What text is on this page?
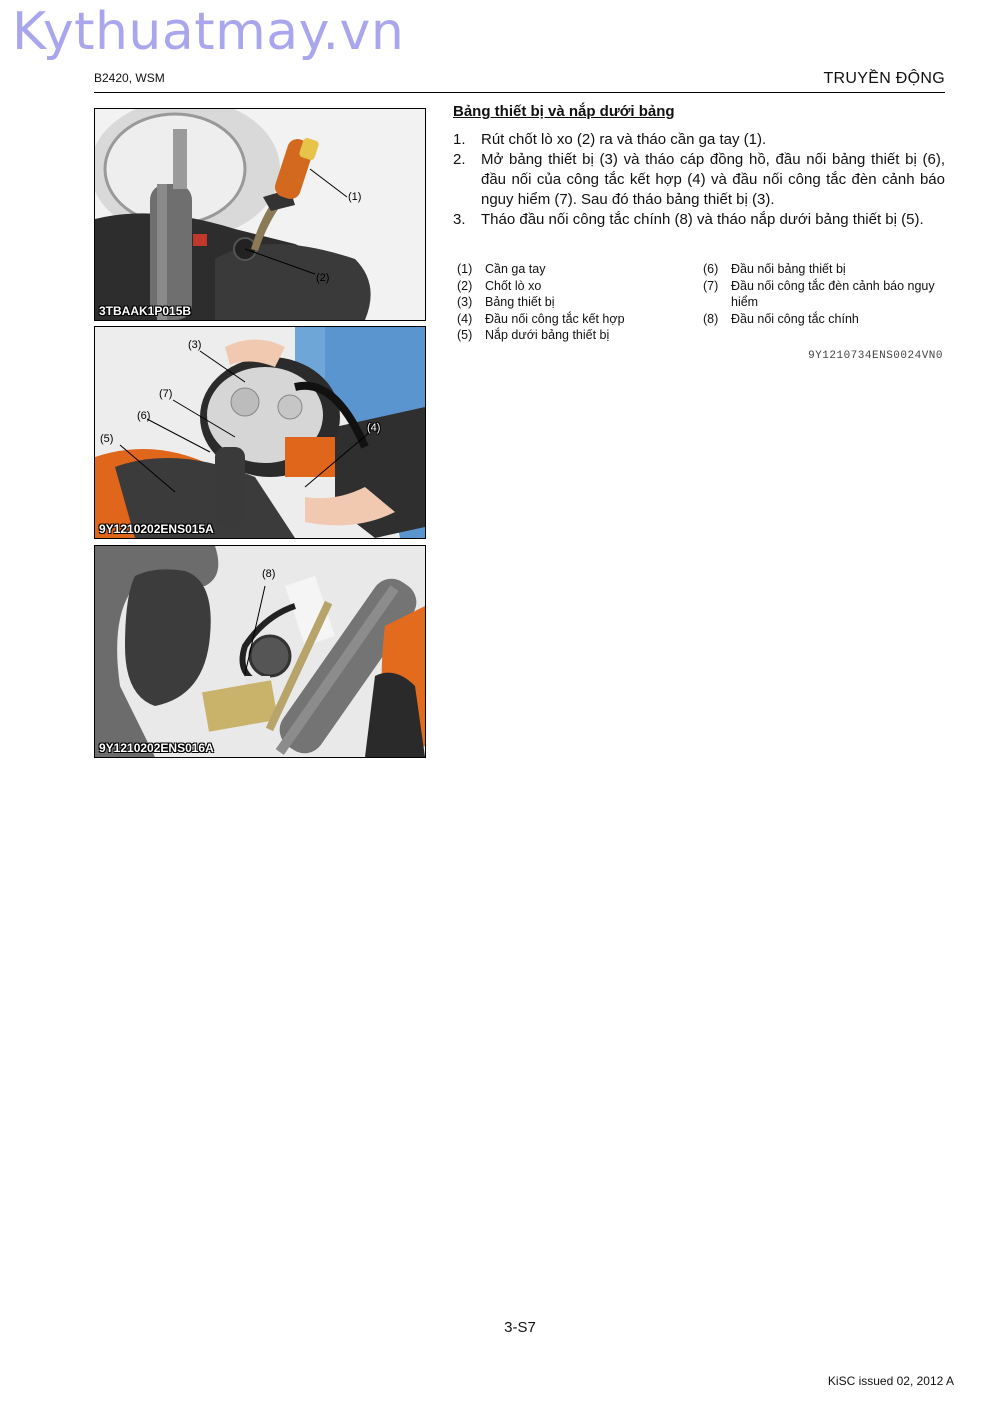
Kythuatmay.vn
B2420, WSM	TRUYỀN ĐỘNG
(1)
(2)
3TBAAK1P015B
(3)
(7)
(6)
(5)
(4)
9Y1210202ENS015A
(8)
9Y1210202ENS016A
Bảng thiết bị và nắp dưới bảng
1.	Rút chốt lò xo (2) ra và tháo cần ga tay (1).
2.	Mở bảng thiết bị (3) và tháo cáp đồng hồ, đầu nối bảng thiết bị (6), đầu nối của công tắc kết hợp (4) và đầu nối công tắc đèn cảnh báo nguy hiểm (7). Sau đó tháo bảng thiết bị (3).
3.	Tháo đầu nối công tắc chính (8) và tháo nắp dưới bảng thiết bị (5).
(1)	Cần ga tay
(2)	Chốt lò xo
(3)	Bảng thiết bị
(4)	Đầu nối công tắc kết hợp
(5)	Nắp dưới bảng thiết bị
(6)	Đầu nối bảng thiết bị
(7)	Đầu nối công tắc đèn cảnh báo nguy hiểm
(8)	Đầu nối công tắc chính
9Y1210734ENS0024VN0
3-S7
KiSC issued 02, 2012 A
